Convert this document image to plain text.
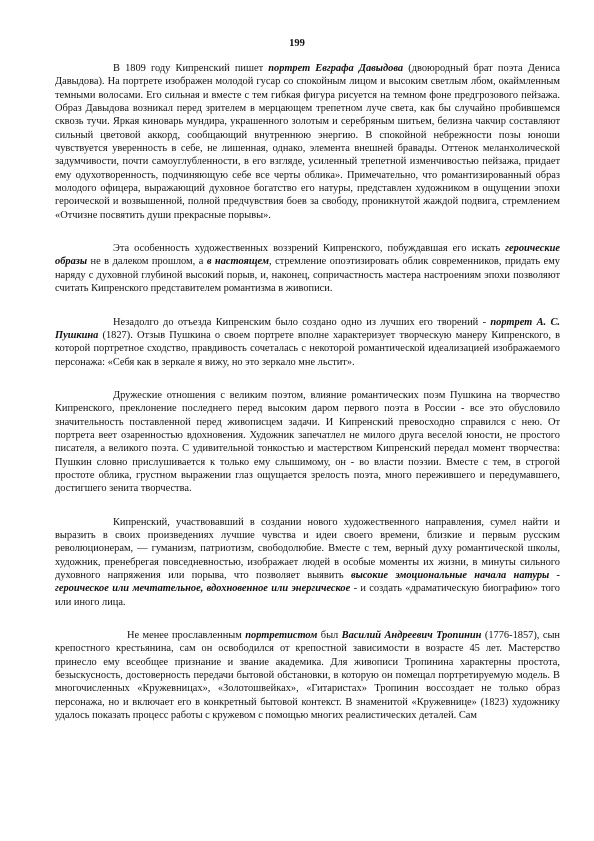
199

В 1809 году Кипренский пишет портрет Евграфа Давыдова (двоюродный брат поэта Дениса Давыдова). На портрете изображен молодой гусар со спокойным лицом и высоким светлым лбом, окаймленным темными волосами. Его сильная и вместе с тем гибкая фигура рисуется на темном фоне предгрозового пейзажа. Образ Давыдова возникал перед зрителем в мерцающем трепетном луче света, как бы случайно пробившемся сквозь тучи. Яркая киноварь мундира, украшенного золотым и серебряным шитьем, белизна чакчир составляют сильный цветовой аккорд, сообщающий внутреннюю энергию. В спокойной небрежности позы юноши чувствуется уверенность в себе, не лишенная, однако, элемента внешней бравады. Оттенок меланхолической задумчивости, почти самоуглубленности, в его взгляде, усиленный трепетной изменчивостью пейзажа, придает ему одухотворенность, подчиняющую себе все черты облика». Примечательно, что романтизированный образ молодого офицера, выражающий духовное богатство его натуры, представлен художником в ощущении эпохи героической и возвышенной, полной предчувствия боев за свободу, проникнутой жаждой подвига, стремлением «Отчизне посвятить души прекрасные порывы».

Эта особенность художественных воззрений Кипренского, побуждавшая его искать героические образы не в далеком прошлом, а в настоящем, стремление опоэтизировать облик современников, придать ему наряду с духовной глубиной высокий порыв, и, наконец, сопричастность мастера настроениям эпохи позволяют считать Кипренского представителем романтизма в живописи.

Незадолго до отъезда Кипренским было создано одно из лучших его творений - портрет А. С. Пушкина (1827). Отзыв Пушкина о своем портрете вполне характеризует творческую манеру Кипренского, в которой портретное сходство, правдивость сочеталась с некоторой романтической идеализацией изображаемого персонажа: «Себя как в зеркале я вижу, но это зеркало мне льстит».

Дружеские отношения с великим поэтом, влияние романтических поэм Пушкина на творчество Кипренского, преклонение последнего перед высоким даром первого поэта в России - все это обусловило значительность поставленной перед живописцем задачи. И Кипренский превосходно справился с нею. От портрета веет озаренностью вдохновения. Художник запечатлел не милого друга веселой юности, не простого писателя, а великого поэта. С удивительной тонкостью и мастерством Кипренский передал момент творчества: Пушкин словно прислушивается к только ему слышимому, он - во власти поэзии. Вместе с тем, в строгой простоте облика, грустном выражении глаз ощущается зрелость поэта, много пережившего и передумавшего, достигшего зенита творчества.

Кипренский, участвовавший в создании нового художественного направления, сумел найти и выразить в своих произведениях лучшие чувства и идеи своего времени, близкие и первым русским революционерам, — гуманизм, патриотизм, свободолюбие. Вместе с тем, верный духу романтической школы, художник, пренебрегая повседневностью, изображает людей в особые моменты их жизни, в минуты сильного духовного напряжения или порыва, что позволяет выявить высокие эмоциональные начала натуры - героическое или мечтательное, вдохновенное или энергическое - и создать «драматическую биографию» того или иного лица.

Не менее прославленным портретистом был Василий Андреевич Тропинин (1776-1857), сын крепостного крестьянина, сам он освободился от крепостной зависимости в возрасте 45 лет. Мастерство принесло ему всеобщее признание и звание академика. Для живописи Тропинина характерны простота, безыскусность, достоверность передачи бытовой обстановки, в которую он помещал портретируемую модель. В многочисленных «Кружевницах», «Золотошвейках», «Гитаристах» Тропинин воссоздает не только образ персонажа, но и включает его в конкретный бытовой контекст. В знаменитой «Кружевнице» (1823) художнику удалось показать процесс работы с кружевом с помощью многих реалистических деталей. Сам
